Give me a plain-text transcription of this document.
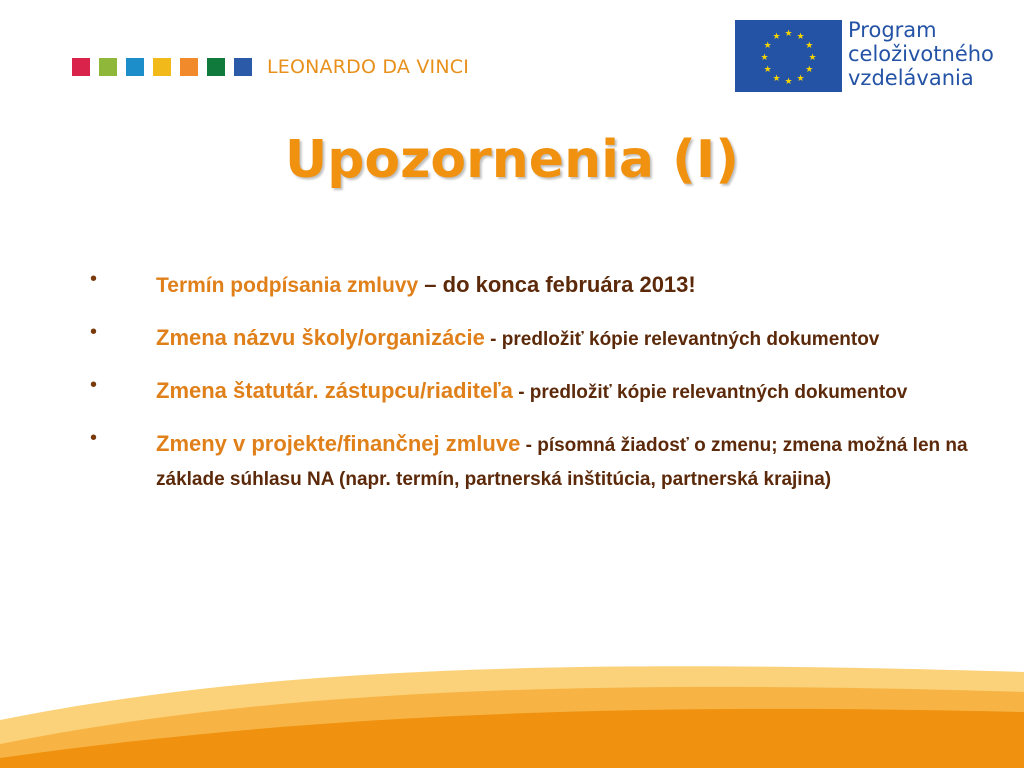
LEONARDO DA VINCI
★ ★
★
★
★
★
★
★
★
★
★
★	Program
celoživotného
vzdelávania
Upozornenia (I)
•	Termín podpísania zmluvy – do konca februára 2013!
•	Zmena názvu školy/organizácie - predložiť kópie relevantných dokumentov
•	Zmena štatutár. zástupcu/riaditeľa - predložiť kópie relevantných dokumentov
•	Zmeny v projekte/finančnej zmluve - písomná žiadosť o zmenu; zmena možná len na základe súhlasu NA (napr. termín, partnerská inštitúcia, partnerská krajina)
